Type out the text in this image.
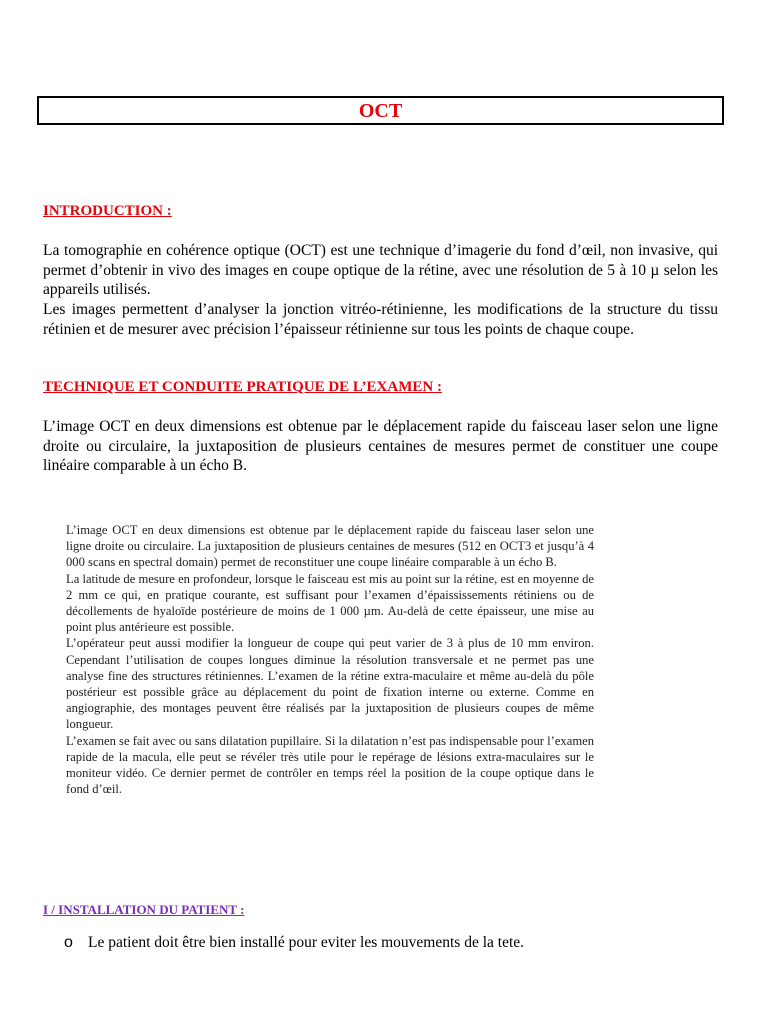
OCT
INTRODUCTION :

La tomographie en cohérence optique (OCT) est une technique d’imagerie du fond d’œil, non invasive, qui permet d’obtenir in vivo des images en coupe optique de la rétine, avec une résolution de 5 à 10 µ selon les appareils utilisés.

Les images permettent d’analyser la jonction vitréo-rétinienne, les modifications de la structure du tissu rétinien et de mesurer avec précision l’épaisseur rétinienne sur tous les points de chaque coupe.

TECHNIQUE ET CONDUITE PRATIQUE DE L’EXAMEN :

L’image OCT en deux dimensions est obtenue par le déplacement rapide du faisceau laser selon une ligne droite ou circulaire, la juxtaposition de plusieurs centaines de mesures permet de constituer une coupe linéaire comparable à un écho B.

L’image OCT en deux dimensions est obtenue par le déplacement rapide du faisceau laser selon une ligne droite ou circulaire. La juxtaposition de plusieurs centaines de mesures (512 en OCT3 et jusqu’à 4 000 scans en spectral domain) permet de reconstituer une coupe linéaire comparable à un écho B.

La latitude de mesure en profondeur, lorsque le faisceau est mis au point sur la rétine, est en moyenne de 2 mm ce qui, en pratique courante, est suffisant pour l’examen d’épaississements rétiniens ou de décollements de hyaloïde postérieure de moins de 1 000 µm. Au-delà de cette épaisseur, une mise au point plus antérieure est possible.

L’opérateur peut aussi modifier la longueur de coupe qui peut varier de 3 à plus de 10 mm environ. Cependant l’utilisation de coupes longues diminue la résolution transversale et ne permet pas une analyse fine des structures rétiniennes. L’examen de la rétine extra-maculaire et même au-delà du pôle postérieur est possible grâce au déplacement du point de fixation interne ou externe. Comme en angiographie, des montages peuvent être réalisés par la juxtaposition de plusieurs coupes de même longueur.

L’examen se fait avec ou sans dilatation pupillaire. Si la dilatation n’est pas indispensable pour l’examen rapide de la macula, elle peut se révéler très utile pour le repérage de lésions extra-maculaires sur le moniteur vidéo. Ce dernier permet de contrôler en temps réel la position de la coupe optique dans le fond d’œil.

I / INSTALLATION DU PATIENT :
o Le patient doit être bien installé pour eviter les mouvements de la tete.
